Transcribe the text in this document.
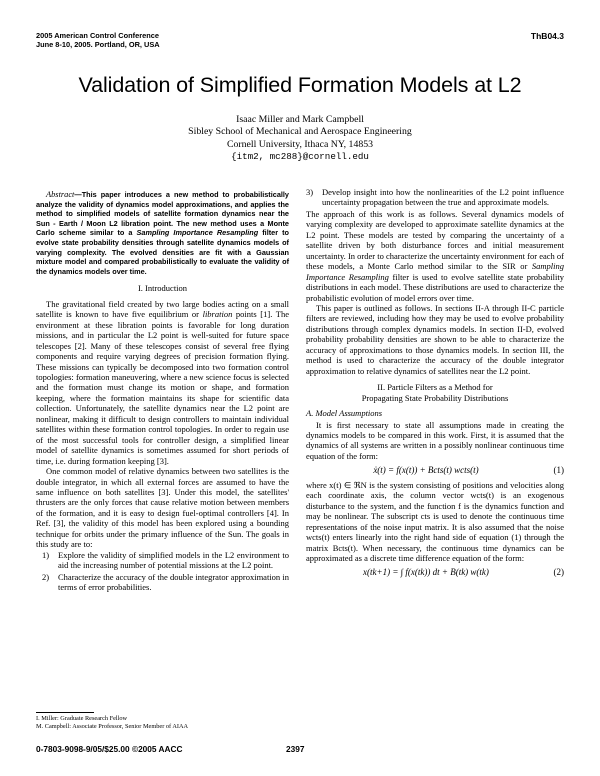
2005 American Control Conference
June 8-10, 2005. Portland, OR, USA
ThB04.3
Validation of Simplified Formation Models at L2
Isaac Miller and Mark Campbell
Sibley School of Mechanical and Aerospace Engineering
Cornell University, Ithaca NY, 14853
{itm2, mc288}@cornell.edu

Abstract—This paper introduces a new method to probabilistically analyze the validity of dynamics model approximations, and applies the method to simplified models of satellite formation dynamics near the Sun - Earth / Moon L2 libration point. The new method uses a Monte Carlo scheme similar to a Sampling Importance Resampling filter to evolve state probability densities through satellite dynamics models of varying complexity. The evolved densities are fit with a Gaussian mixture model and compared probabilistically to evaluate the validity of the dynamics models over time.

I. Introduction

The gravitational field created by two large bodies acting on a small satellite is known to have five equilibrium or libration points [1]. The environment at these libration points is favorable for long duration missions, and in particular the L2 point is well-suited for future space telescopes [2]. Many of these telescopes consist of several free flying components and require varying degrees of precision formation flying. These missions can typically be decomposed into two formation control topologies: formation maneuvering, where a new science focus is selected and the formation must change its motion or shape, and formation keeping, where the formation maintains its shape for scientific data collection. Unfortunately, the satellite dynamics near the L2 point are nonlinear, making it difficult to design controllers to maintain individual satellites within these formation control topologies. In order to regain use of the most successful tools for controller design, a simplified linear model of satellite dynamics is sometimes assumed for short periods of time, i.e. during formation keeping [3].

One common model of relative dynamics between two satellites is the double integrator, in which all external forces are assumed to have the same influence on both satellites [3]. Under this model, the satellites' thrusters are the only forces that cause relative motion between members of the formation, and it is easy to design fuel-optimal controllers [4]. In Ref. [3], the validity of this model has been explored using a bounding technique for orbits under the primary influence of the Sun. The goals in this study are to:

1)	Explore the validity of simplified models in the L2 environment to aid the increasing number of potential missions at the L2 point.
2)	Characterize the accuracy of the double integrator approximation in terms of error probabilities.
3)	Develop insight into how the nonlinearities of the L2 point influence uncertainty propagation between the true and approximate models.

The approach of this work is as follows. Several dynamics models of varying complexity are developed to approximate satellite dynamics at the L2 point. These models are tested by comparing the uncertainty of a satellite driven by both disturbance forces and initial measurement uncertainty. In order to characterize the uncertainty environment for each of these models, a Monte Carlo method similar to the SIR or Sampling Importance Resampling filter is used to evolve satellite state probability distributions in each model. These distributions are used to characterize the probabilistic evolution of model errors over time.

This paper is outlined as follows. In sections II-A through II-C particle filters are reviewed, including how they may be used to evolve probability distributions through complex dynamics models. In section II-D, evolved probability probability densities are shown to be able to characterize the accuracy of approximations to those dynamics models. In section III, the method is used to characterize the accuracy of the double integrator approximation to relative dynamics of satellites near the L2 point.

II. Particle Filters as a Method for
Propagating State Probability Distributions
A. Model Assumptions

It is first necessary to state all assumptions made in creating the dynamics models to be compared in this work. First, it is assumed that the dynamics of all systems are written in a possibly nonlinear continuous time equation of the form:

ẋ(t) = f(x(t)) + Bcts(t) wcts(t)	(1)

where x(t) ∈ ℜN is the system consisting of positions and velocities along each coordinate axis, the column vector wcts(t) is an exogenous disturbance to the system, and the function f is the dynamics function and may be nonlinear. The subscript cts is used to denote the continuous time representations of the noise input matrix. It is also assumed that the noise wcts(t) enters linearly into the right hand side of equation (1) through the matrix Bcts(t). When necessary, the continuous time dynamics can be approximated as a discrete time difference equation of the form:

x(tk+1) = ∫ f(x(tk)) dt + B(tk) w(tk)	(2)
I. Miller: Graduate Research Fellow
M. Campbell: Associate Professor, Senior Member of AIAA
0-7803-9098-9/05/$25.00 ©2005 AACC	2397
